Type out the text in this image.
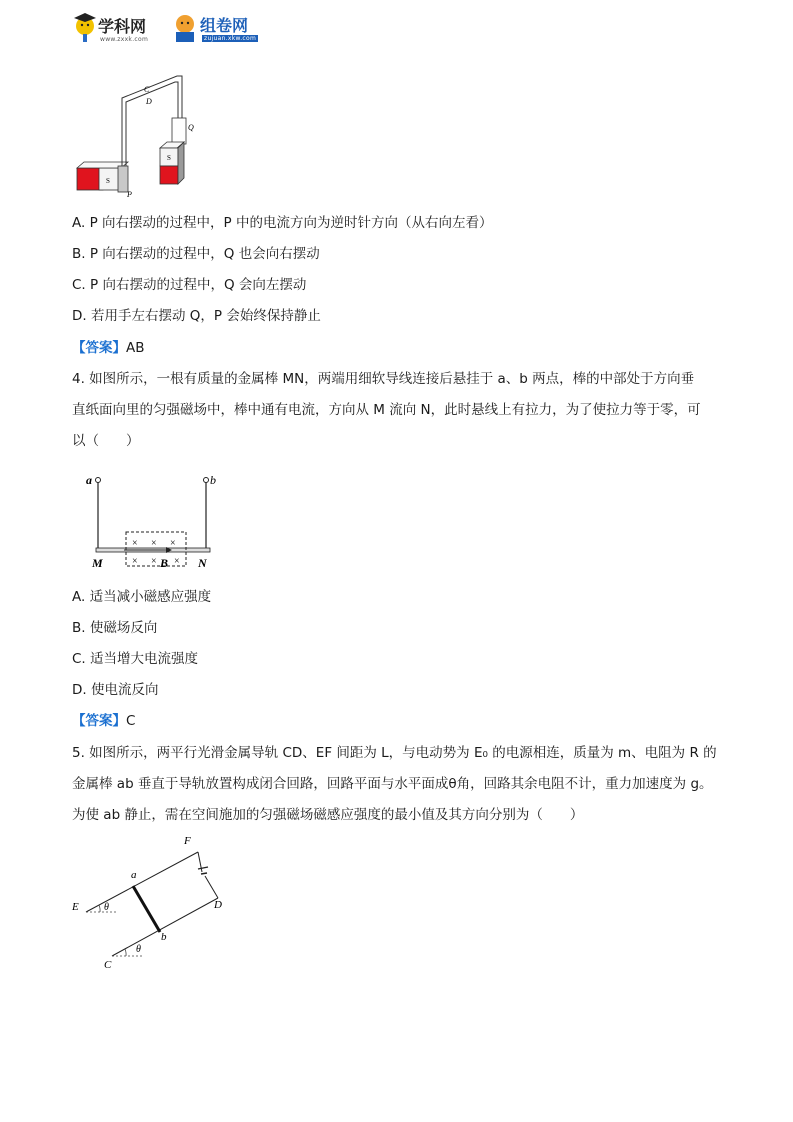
学科网
www.zxxk.com
组卷网
zujuan.xkw.com
C
D
Q
S
S
P
A. P 向右摆动的过程中，P 中的电流方向为逆时针方向（从右向左看）
B. P 向右摆动的过程中，Q 也会向右摆动
C. P 向右摆动的过程中，Q 会向左摆动
D. 若用手左右摆动 Q，P 会始终保持静止
【答案】AB
4. 如图所示，一根有质量的金属棒 MN，两端用细软导线连接后悬挂于 a、b 两点，棒的中部处于方向垂
直纸面向里的匀强磁场中，棒中通有电流，方向从 M 流向 N，此时悬线上有拉力，为了使拉力等于零，可
以（　　）
× × ×
× × ×
a	b
M	B N
A. 适当减小磁感应强度
B. 使磁场反向
C. 适当增大电流强度
D. 使电流反向
【答案】C
5. 如图所示，两平行光滑金属导轨 CD、EF 间距为 L，与电动势为 E₀ 的电源相连，质量为 m、电阻为 R 的
金属棒 ab 垂直于导轨放置构成闭合回路，回路平面与水平面成θ角，回路其余电阻不计，重力加速度为 g。
为使 ab 静止，需在空间施加的匀强磁场磁感应强度的最小值及其方向分别为（　　）
F
a
E	θ	D
b
θ
C
